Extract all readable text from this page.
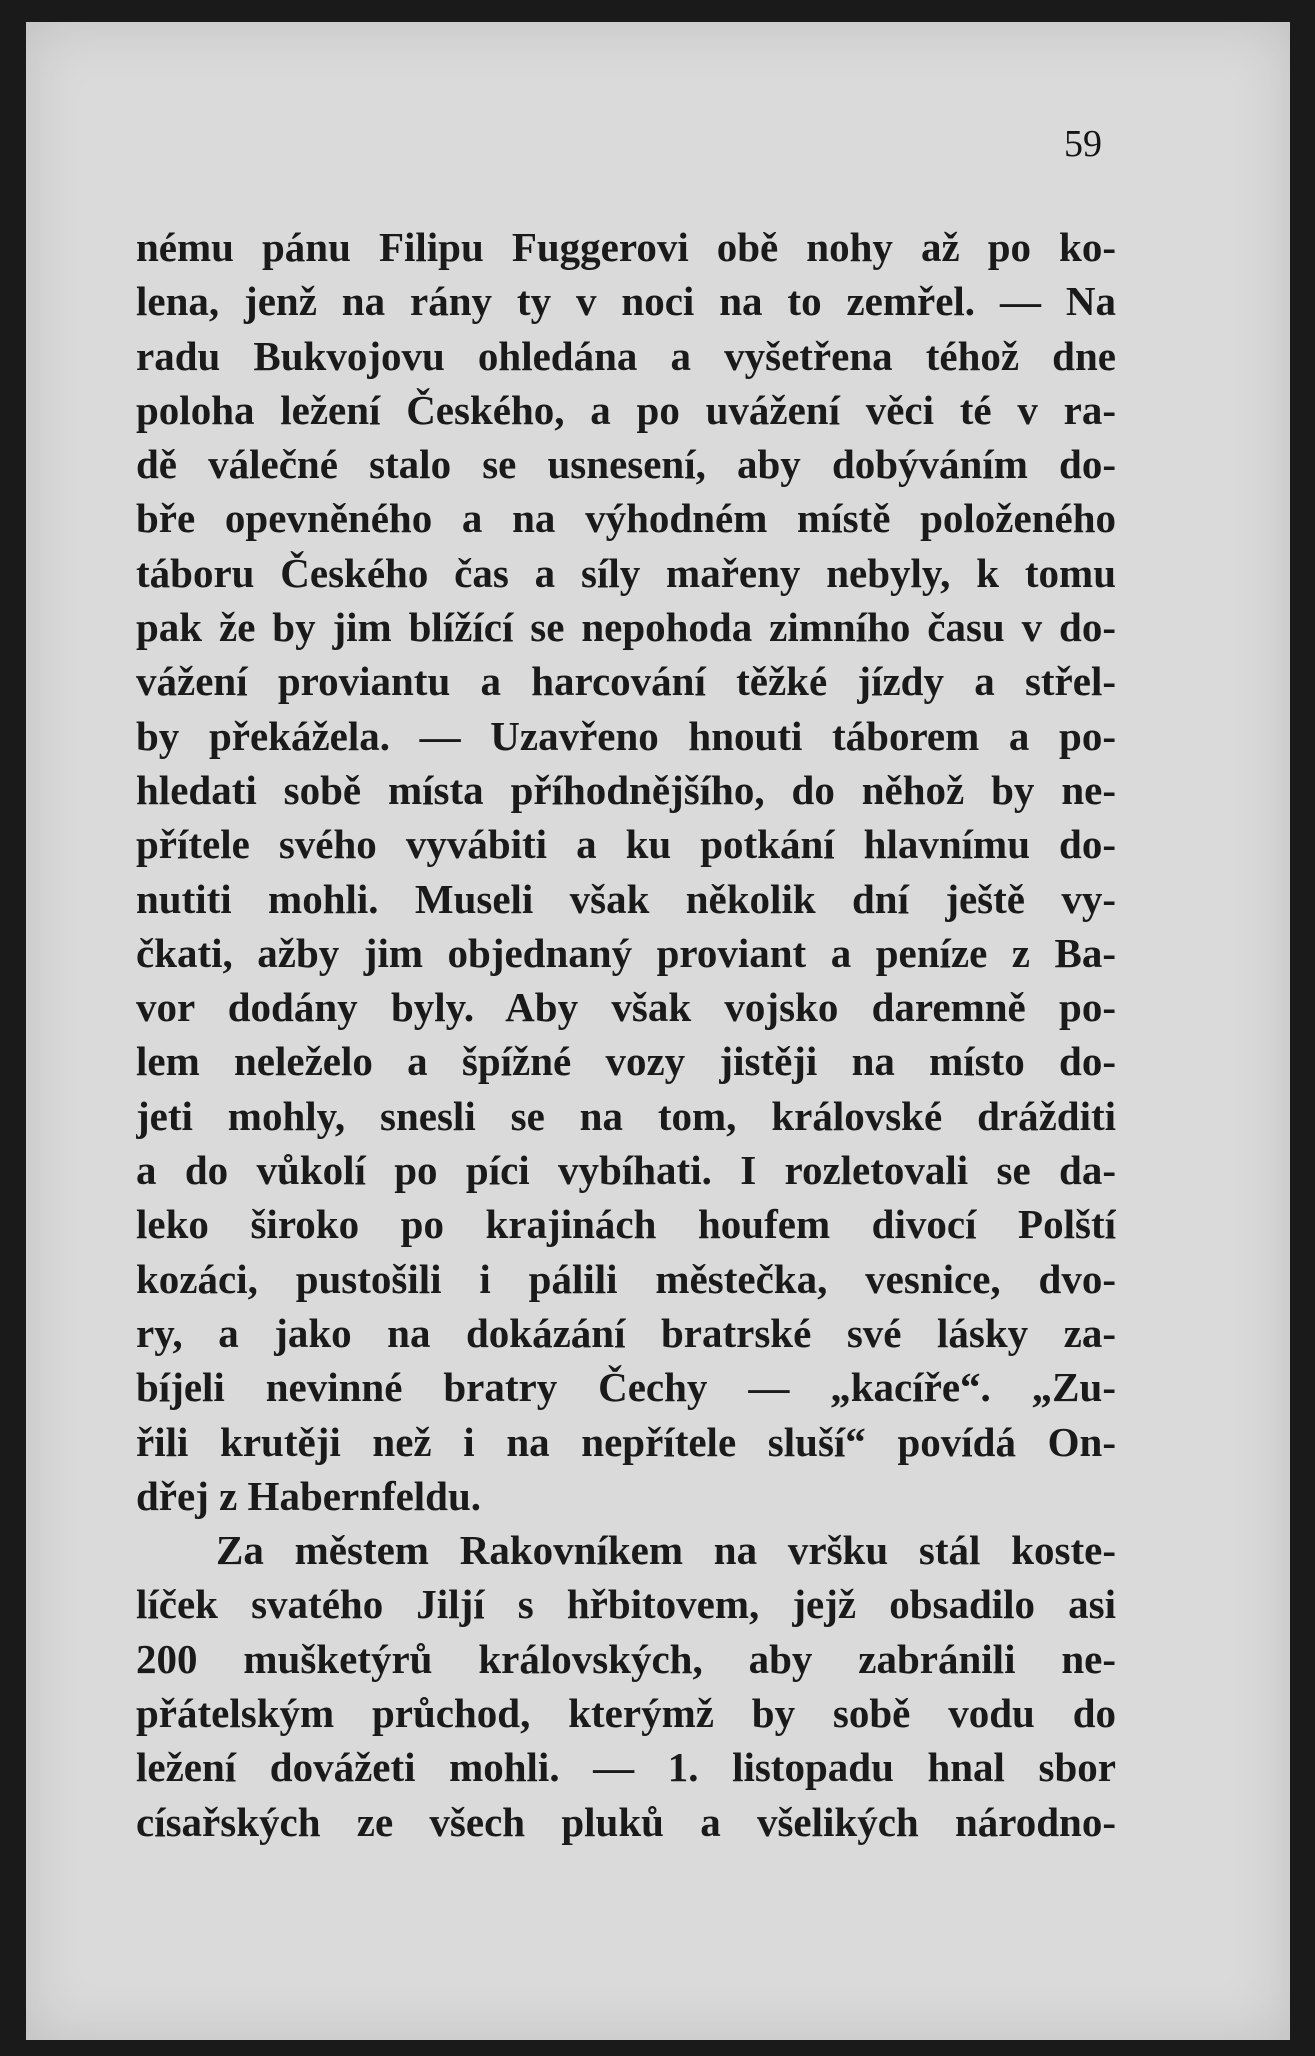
59
nému pánu Filipu Fuggerovi obě nohy až po ko-
lena, jenž na rány ty v noci na to zemřel. — Na
radu Bukvojovu ohledána a vyšetřena téhož dne
poloha ležení Českého, a po uvážení věci té v ra-
dě válečné stalo se usnesení, aby dobýváním do-
bře opevněného a na výhodném místě položeného
táboru Českého čas a síly mařeny nebyly, k tomu
pak že by jim blížící se nepohoda zimního času v do-
vážení proviantu a harcování těžké jízdy a střel-
by překážela. — Uzavřeno hnouti táborem a po-
hledati sobě místa příhodnějšího, do něhož by ne-
přítele svého vyvábiti a ku potkání hlavnímu do-
nutiti mohli. Museli však několik dní ještě vy-
čkati, ažby jim objednaný proviant a peníze z Ba-
vor dodány byly. Aby však vojsko daremně po-
lem neleželo a špížné vozy jistěji na místo do-
jeti mohly, snesli se na tom, královské drážditi
a do vůkolí po píci vybíhati. I rozletovali se da-
leko široko po krajinách houfem divocí Polští
kozáci, pustošili i pálili městečka, vesnice, dvo-
ry, a jako na dokázání bratrské své lásky za-
bíjeli nevinné bratry Čechy — „kacíře“. „Zu-
řili krutěji než i na nepřítele sluší“ povídá On-
dřej z Habernfeldu.
Za městem Rakovníkem na vršku stál koste-
líček svatého Jiljí s hřbitovem, jejž obsadilo asi
200 mušketýrů královských, aby zabránili ne-
přátelským průchod, kterýmž by sobě vodu do
ležení dovážeti mohli. — 1. listopadu hnal sbor
císařských ze všech pluků a všelikých národno-
